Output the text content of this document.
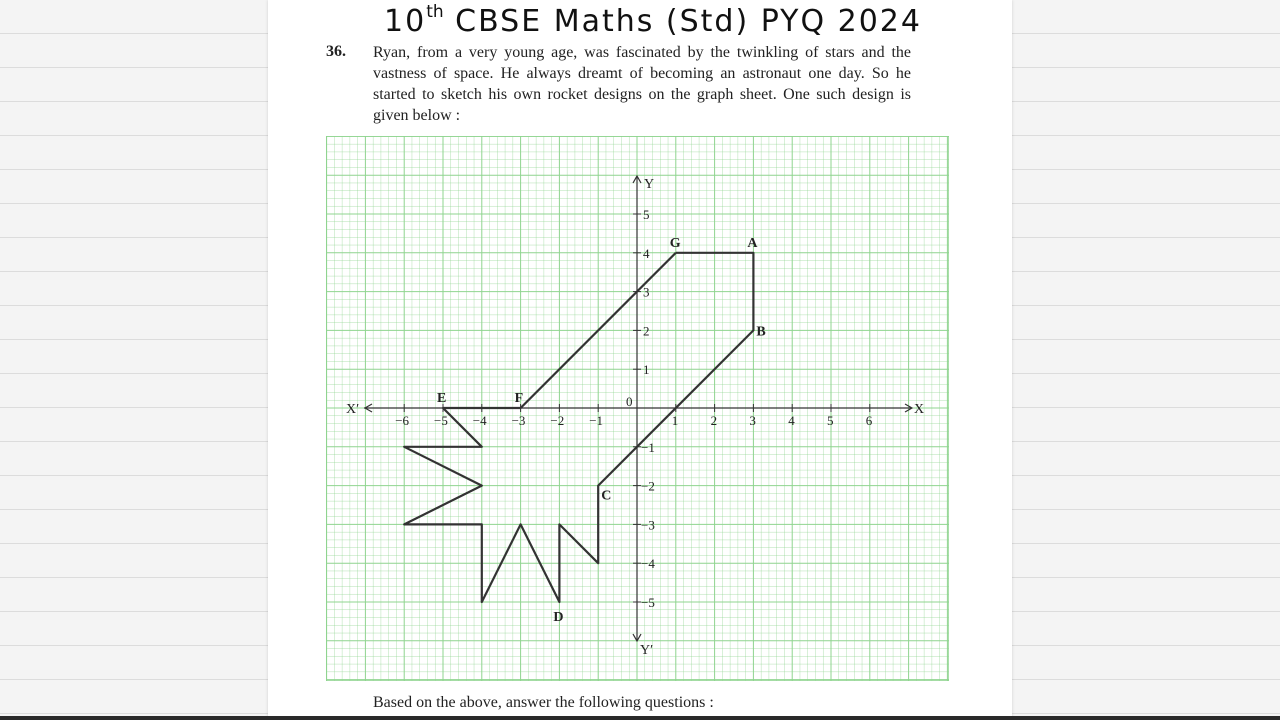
10th CBSE Maths (Std) PYQ 2024
36. Ryan, from a very young age, was fascinated by the twinkling of stars and the vastness of space. He always dreamt of becoming an astronaut one day. So he started to sketch his own rocket designs on the graph sheet. One such design is given below :
X
X′
Y
Y′
0
−6 −5 −4 −3 −2 −1	1 2 3 4 5 6
5
4
3
2
1
−1
−2
−3
−4
−5
G	A
B
C
D
E	F
Based on the above, answer the following questions :
